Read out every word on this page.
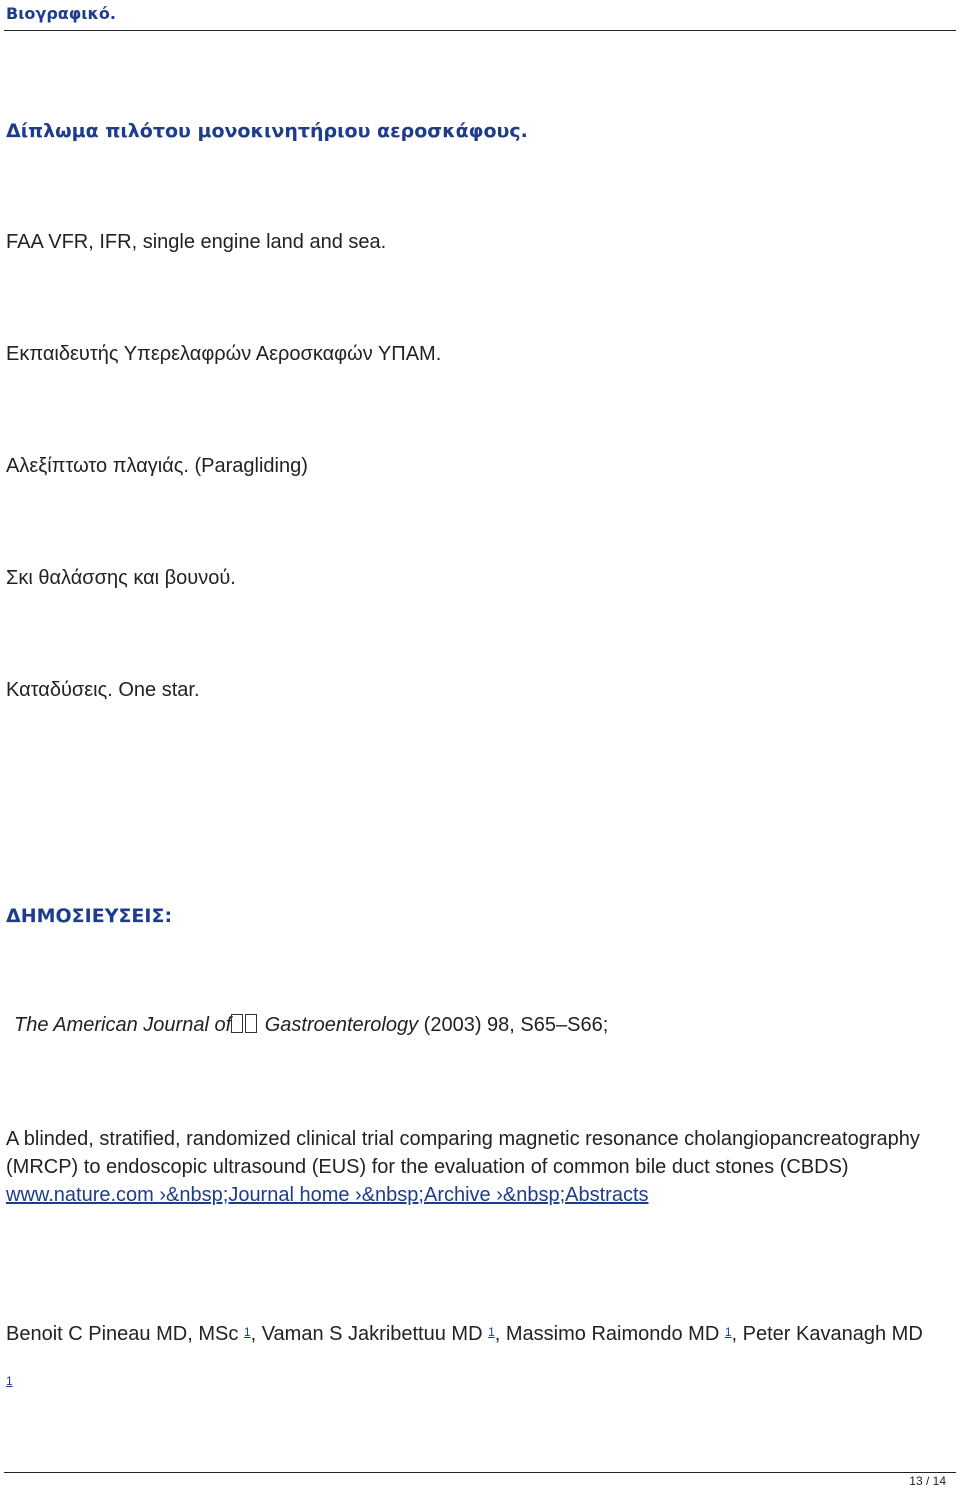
Βιογραφικό.
Δίπλωμα πιλότου μονοκινητήριου αεροσκάφους.
FAA VFR, IFR, single engine land and sea.
Εκπαιδευτής Υπερελαφρών Αεροσκαφών ΥΠΑΜ.
Αλεξίπτωτο πλαγιάς. (Paragliding)
Σκι θαλάσσης και βουνού.
Καταδύσεις. One star.
ΔΗΜΟΣΙΕΥΣΕΙΣ:
The American Journal of Gastroenterology (2003) 98, S65–S66;
A blinded, stratified, randomized clinical trial comparing magnetic resonance cholangiopancreatography (MRCP) to endoscopic ultrasound (EUS) for the evaluation of common bile duct stones (CBDS)    www.nature.com ›&nbsp;Journal home ›&nbsp;Archive ›&nbsp;Abstracts
Benoit C Pineau MD, MSc $^1$, Vaman S Jakribettuu MD $^1$, Massimo Raimondo MD $^1$, Peter Kavanagh MD
1
13 / 14
